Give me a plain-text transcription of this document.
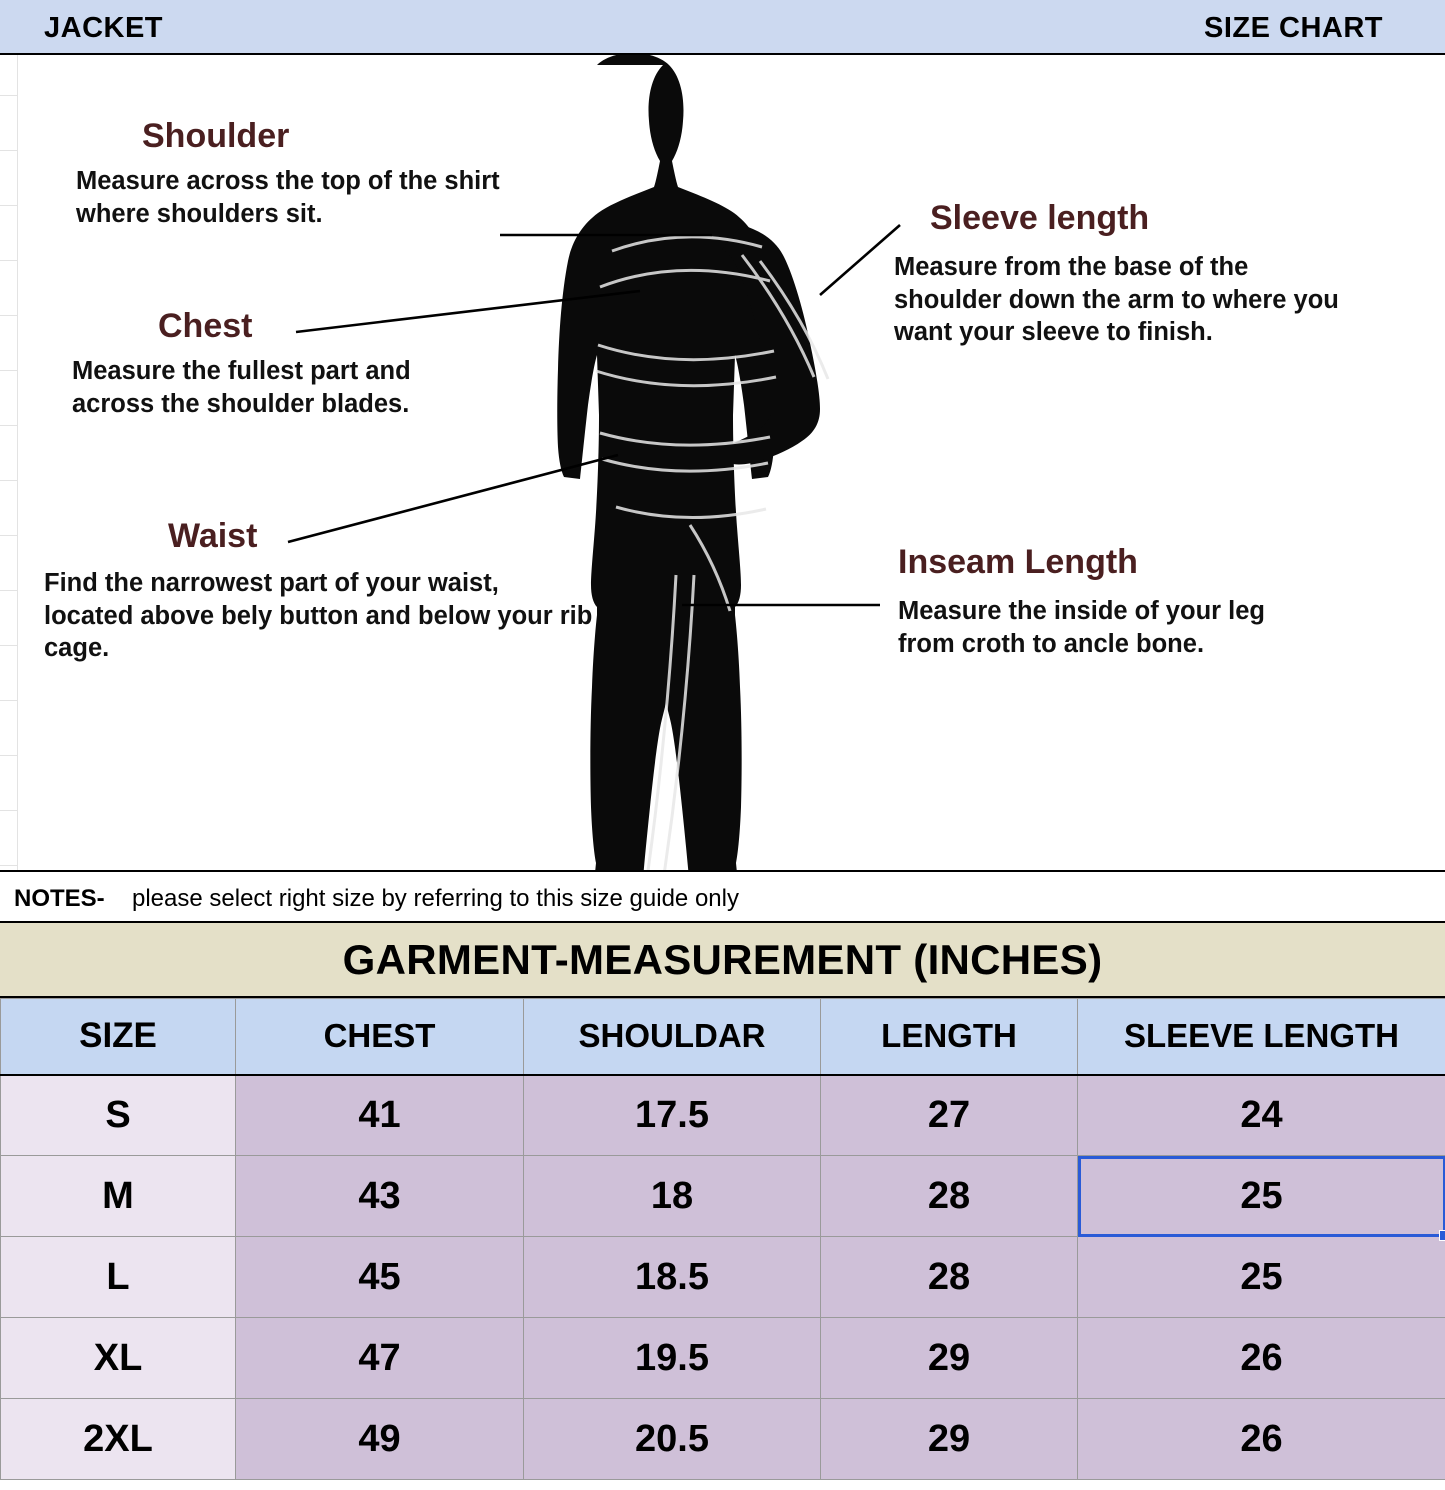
JACKET	SIZE CHART
Shoulder
Measure across the top of the shirt where shoulders sit.
Chest
Measure the fullest part and across the shoulder blades.
Waist
Find the narrowest part of your waist, located above bely button and below your rib cage.
Sleeve length
Measure from the base of the shoulder down the arm to where you want your sleeve to finish.
Inseam Length
Measure the inside of your leg from croth to ancle bone.
NOTES- please select right size by referring to this size guide only
GARMENT-MEASUREMENT (INCHES)
SIZE	CHEST	SHOULDAR	LENGTH	SLEEVE LENGTH
S	41	17.5	27	24
M	43	18	28	25
L	45	18.5	28	25
XL	47	19.5	29	26
2XL	49	20.5	29	26
